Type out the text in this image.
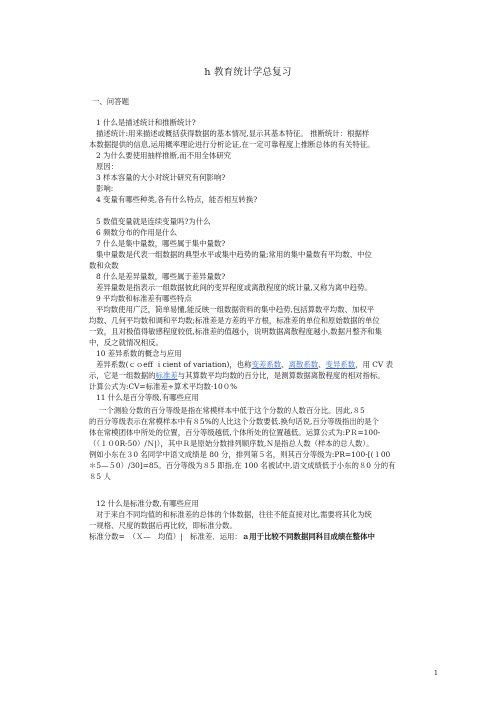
h 教育统计学总复习
一、问答题
1 什么是描述统计和推断统计?
描述统计:用来描述或概括获得数据的基本情况,显示其基本特征。 推断统计：根据样
本数据提供的信息,运用概率理论进行分析论证,在一定可靠程度上推断总体的有关特征。
2 为什么要使用抽样推断,而不用全体研究
原因：
3 样本容量的大小对统计研究有何影响?
影响:
4 变量有哪些种类,各有什么特点，能否相互转换?
5 数值变量就是连续变量吗?为什么
6 频数分布的作用是什么
7 什么是集中量数，哪些属于集中量数?
集中量数是代表一组数据的典型水平或集中趋势的量;常用的集中量数有平均数、中位
数和众数
8 什么是差异量数，哪些属于差异量数?
差异量数是指表示一组数据彼此间的变异程度或离散程度的统计量,又称为离中趋势。
9 平均数和标准差有哪些特点
平均数使用广泛，简单易懂,能反映一组数据资料的集中趋势,包括算数平均数、加权平
均数、几何平均数和调和平均数;标准差是方差的平方根，标准差的单位和原始数据的单位
一致，且对极值得敏感程度较低,标准差的值越小，说明数据离散程度越小,数据月整齐和集
中，反之就情况相反。
10 差异系数的概念与应用
差异系数(ｃｏeff ｉcient of variation)，也称变差系数、离散系数、变异系数，用 CV 表
示，它是一组数据的标准差与其算数平均均数的百分比，是测算数据离散程度的相对指标。
计算公式为:CV=标准差÷算术平均数·10０%
11 什么是百分等级,有哪些应用
一个测验分数的百分等级是指在常模样本中低于这个分数的人数百分比。因此,８5
的百分等级表示在常模样本中有８5%的人比这个分数要低.换句话说,百分等级指出的是个
体在常模团体中所处的位置，百分等级越低,个体所处的位置越低。运算公式为:PＲ=100-
（（１０0R-50）/Ｎ|），其中Ｒ是原始分数排列顺序数,Ｎ是指总人数（样本的总人数）。
例如小东在３0 名同学中语文成绩是 80 分，排列第５名，则其百分等级为:PR=100-[(１00
＊5—５0）/30]=85。百分等级为８5 即指,在 100 名被试中,语文成绩低于小东的８0 分的有
８5 人
12 什么是标准分数,有哪些应用
对于来自不同均值的和标准差的总体的个体数据，往往不能直接对比,需要将其化为统
一规格、尺度的数据后再比较，即标准分数。
标准分数=　（Ｘ—　均值）|　标准差．运用：ａ用于比较不同数据同科目成绩在整体中
1
